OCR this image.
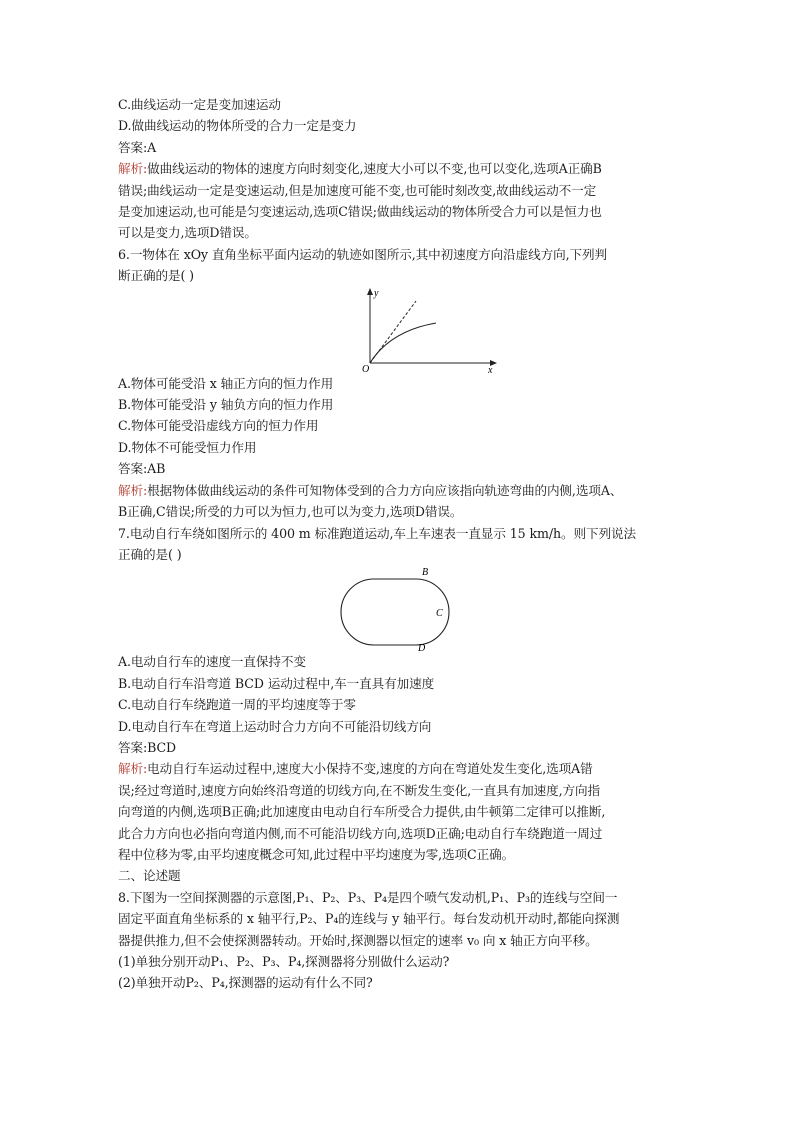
C.曲线运动一定是变加速运动
D.做曲线运动的物体所受的合力一定是变力
答案:A
解析:做曲线运动的物体的速度方向时刻变化,速度大小可以不变,也可以变化,选项A正确B
错误;曲线运动一定是变速运动,但是加速度可能不变,也可能时刻改变,故曲线运动不一定
是变加速运动,也可能是匀变速运动,选项C错误;做曲线运动的物体所受合力可以是恒力也
可以是变力,选项D错误。
6.一物体在 xOy 直角坐标平面内运动的轨迹如图所示,其中初速度方向沿虚线方向,下列判
断正确的是( )
y
O	x
A.物体可能受沿 x 轴正方向的恒力作用
B.物体可能受沿 y 轴负方向的恒力作用
C.物体可能受沿虚线方向的恒力作用
D.物体不可能受恒力作用
答案:AB
解析:根据物体做曲线运动的条件可知物体受到的合力方向应该指向轨迹弯曲的内侧,选项A、
B正确,C错误;所受的力可以为恒力,也可以为变力,选项D错误。
7.电动自行车绕如图所示的 400 m 标准跑道运动,车上车速表一直显示 15 km/h。则下列说法
正确的是( )
B
C
D
A.电动自行车的速度一直保持不变
B.电动自行车沿弯道 BCD 运动过程中,车一直具有加速度
C.电动自行车绕跑道一周的平均速度等于零
D.电动自行车在弯道上运动时合力方向不可能沿切线方向
答案:BCD
解析:电动自行车运动过程中,速度大小保持不变,速度的方向在弯道处发生变化,选项A错
误;经过弯道时,速度方向始终沿弯道的切线方向,在不断发生变化,一直具有加速度,方向指
向弯道的内侧,选项B正确;此加速度由电动自行车所受合力提供,由牛顿第二定律可以推断,
此合力方向也必指向弯道内侧,而不可能沿切线方向,选项D正确;电动自行车绕跑道一周过
程中位移为零,由平均速度概念可知,此过程中平均速度为零,选项C正确。
二、论述题
8.下图为一空间探测器的示意图,P₁、P₂、P₃、P₄是四个喷气发动机,P₁、P₃的连线与空间一
固定平面直角坐标系的 x 轴平行,P₂、P₄的连线与 y 轴平行。每台发动机开动时,都能向探测
器提供推力,但不会使探测器转动。开始时,探测器以恒定的速率 v₀ 向 x 轴正方向平移。
(1)单独分别开动P₁、P₂、P₃、P₄,探测器将分别做什么运动?
(2)单独开动P₂、P₄,探测器的运动有什么不同?
